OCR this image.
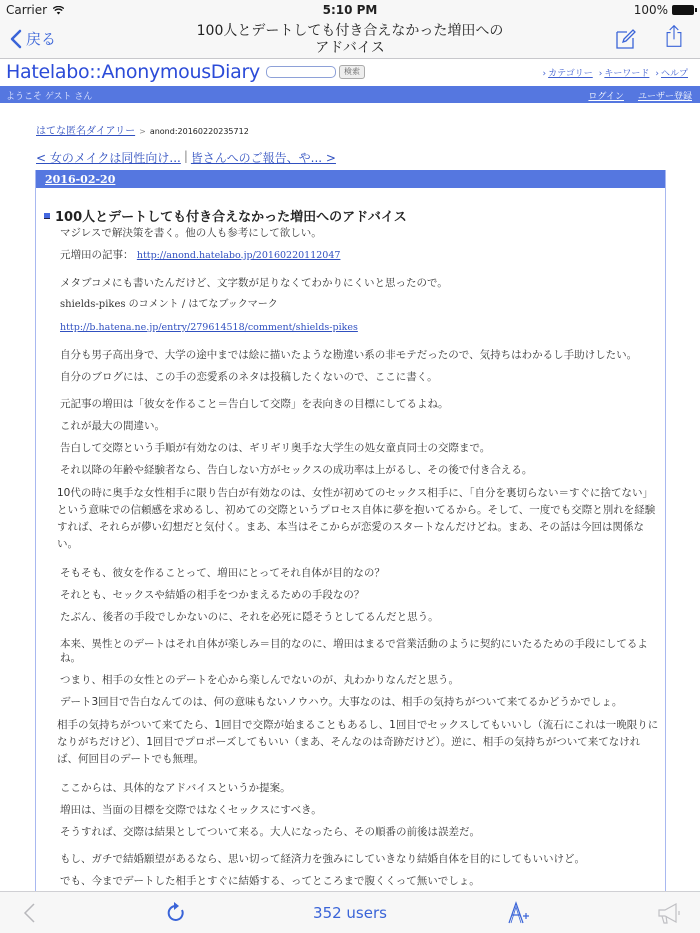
Carrier	5:10 PM	100%
戻る	100人とデートしても付き合えなかった増田への
アドバイス
Hatelabo::AnonymousDiary	検索	› カテゴリー	› キーワード	› ヘルプ
ようこそ ゲスト さん	ログイン ユーザー登録
はてな匿名ダイアリー > anond:20160220235712
< 女のメイクは同性向け... | 皆さんへのご報告、や... >
2016-02-20
100人とデートしても付き合えなかった増田へのアドバイス

マジレスで解決策を書く。他の人も参考にして欲しい。

元増田の記事： http://anond.hatelabo.jp/20160220112047

メタブコメにも書いたんだけど、文字数が足りなくてわかりにくいと思ったので。

shields-pikes のコメント / はてなブックマーク

http://b.hatena.ne.jp/entry/279614518/comment/shields-pikes

自分も男子高出身で、大学の途中までは絵に描いたような勘違い系の非モテだったので、気持ちはわかるし手助けしたい。

自分のブログには、この手の恋愛系のネタは投稿したくないので、ここに書く。

元記事の増田は「彼女を作ること＝告白して交際」を表向きの目標にしてるよね。

これが最大の間違い。

告白して交際という手順が有効なのは、ギリギリ奥手な大学生の処女童貞同士の交際まで。

それ以降の年齢や経験者なら、告白しない方がセックスの成功率は上がるし、その後で付き合える。

10代の時に奥手な女性相手に限り告白が有効なのは、女性が初めてのセックス相手に、「自分を裏切らない＝すぐに捨てない」という意味での信頼感を求めるし、初めての交際というプロセス自体に夢を抱いてるから。そして、一度でも交際と別れを経験すれば、それらが儚い幻想だと気付く。まあ、本当はそこからが恋愛のスタートなんだけどね。まあ、その話は今回は関係ない。

そもそも、彼女を作ることって、増田にとってそれ自体が目的なの？

それとも、セックスや結婚の相手をつかまえるための手段なの？

たぶん、後者の手段でしかないのに、それを必死に隠そうとしてるんだと思う。

本来、異性とのデートはそれ自体が楽しみ＝目的なのに、増田はまるで営業活動のように契約にいたるための手段にしてるよね。

つまり、相手の女性とのデートを心から楽しんでないのが、丸わかりなんだと思う。

デート3回目で告白なんてのは、何の意味もないノウハウ。大事なのは、相手の気持ちがついて来てるかどうかでしょ。

相手の気持ちがついて来てたら、1回目で交際が始まることもあるし、1回目でセックスしてもいいし（流石にこれは一晩限りになりがちだけど）、1回目でプロポーズしてもいい（まあ、そんなのは奇跡だけど）。逆に、相手の気持ちがついて来てなければ、何回目のデートでも無理。

ここからは、具体的なアドバイスというか提案。

増田は、当面の目標を交際ではなくセックスにすべき。

そうすれば、交際は結果としてついて来る。大人になったら、その順番の前後は誤差だ。

もし、ガチで結婚願望があるなら、思い切って経済力を強みにしていきなり結婚自体を目的にしてもいいけど。

でも、今までデートした相手とすぐに結婚する、ってところまで腹くくって無いでしょ。

352 users
